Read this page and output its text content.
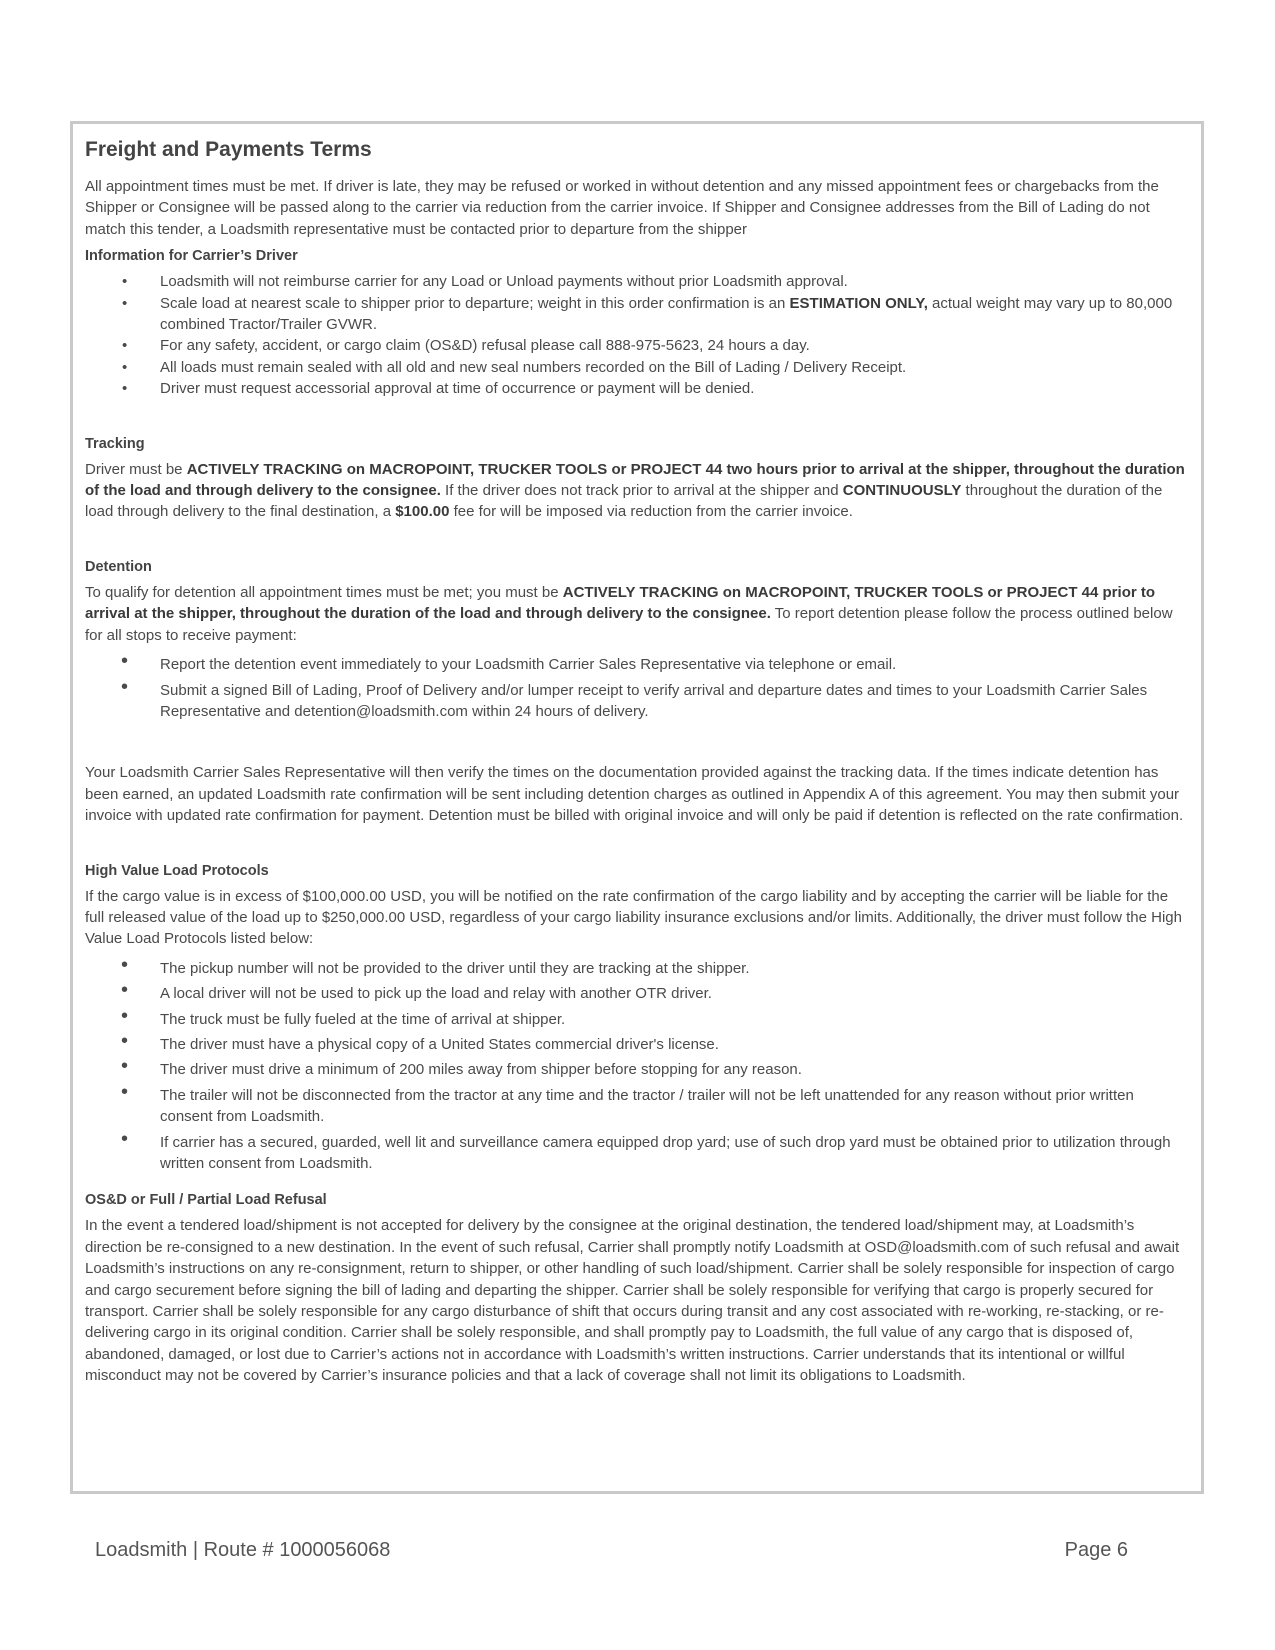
Freight and Payments Terms

All appointment times must be met. If driver is late, they may be refused or worked in without detention and any missed appointment fees or chargebacks from the Shipper or Consignee will be passed along to the carrier via reduction from the carrier invoice. If Shipper and Consignee addresses from the Bill of Lading do not match this tender, a Loadsmith representative must be contacted prior to departure from the shipper

Information for Carrier’s Driver
• Loadsmith will not reimburse carrier for any Load or Unload payments without prior Loadsmith approval.
• Scale load at nearest scale to shipper prior to departure; weight in this order confirmation is an ESTIMATION ONLY, actual weight may vary up to 80,000 combined Tractor/Trailer GVWR.
• For any safety, accident, or cargo claim (OS&D) refusal please call 888-975-5623, 24 hours a day.
• All loads must remain sealed with all old and new seal numbers recorded on the Bill of Lading / Delivery Receipt.
• Driver must request accessorial approval at time of occurrence or payment will be denied.
Tracking

Driver must be ACTIVELY TRACKING on MACROPOINT, TRUCKER TOOLS or PROJECT 44 two hours prior to arrival at the shipper, throughout the duration of the load and through delivery to the consignee. If the driver does not track prior to arrival at the shipper and CONTINUOUSLY throughout the duration of the load through delivery to the final destination, a $100.00 fee for will be imposed via reduction from the carrier invoice.

Detention

To qualify for detention all appointment times must be met; you must be ACTIVELY TRACKING on MACROPOINT, TRUCKER TOOLS or PROJECT 44 prior to arrival at the shipper, throughout the duration of the load and through delivery to the consignee. To report detention please follow the process outlined below for all stops to receive payment:

• Report the detention event immediately to your Loadsmith Carrier Sales Representative via telephone or email.
• Submit a signed Bill of Lading, Proof of Delivery and/or lumper receipt to verify arrival and departure dates and times to your Loadsmith Carrier Sales Representative and detention@loadsmith.com within 24 hours of delivery.

Your Loadsmith Carrier Sales Representative will then verify the times on the documentation provided against the tracking data. If the times indicate detention has been earned, an updated Loadsmith rate confirmation will be sent including detention charges as outlined in Appendix A of this agreement. You may then submit your invoice with updated rate confirmation for payment. Detention must be billed with original invoice and will only be paid if detention is reflected on the rate confirmation.

High Value Load Protocols

If the cargo value is in excess of $100,000.00 USD, you will be notified on the rate confirmation of the cargo liability and by accepting the carrier will be liable for the full released value of the load up to $250,000.00 USD, regardless of your cargo liability insurance exclusions and/or limits. Additionally, the driver must follow the High Value Load Protocols listed below:

• The pickup number will not be provided to the driver until they are tracking at the shipper.
• A local driver will not be used to pick up the load and relay with another OTR driver.
• The truck must be fully fueled at the time of arrival at shipper.
• The driver must have a physical copy of a United States commercial driver's license.
• The driver must drive a minimum of 200 miles away from shipper before stopping for any reason.
• The trailer will not be disconnected from the tractor at any time and the tractor / trailer will not be left unattended for any reason without prior written consent from Loadsmith.
• If carrier has a secured, guarded, well lit and surveillance camera equipped drop yard; use of such drop yard must be obtained prior to utilization through written consent from Loadsmith.
OS&D or Full / Partial Load Refusal

In the event a tendered load/shipment is not accepted for delivery by the consignee at the original destination, the tendered load/shipment may, at Loadsmith’s direction be re-consigned to a new destination. In the event of such refusal, Carrier shall promptly notify Loadsmith at OSD@loadsmith.com of such refusal and await Loadsmith’s instructions on any re-consignment, return to shipper, or other handling of such load/shipment. Carrier shall be solely responsible for inspection of cargo and cargo securement before signing the bill of lading and departing the shipper. Carrier shall be solely responsible for verifying that cargo is properly secured for transport. Carrier shall be solely responsible for any cargo disturbance of shift that occurs during transit and any cost associated with re-working, re-stacking, or re-delivering cargo in its original condition. Carrier shall be solely responsible, and shall promptly pay to Loadsmith, the full value of any cargo that is disposed of, abandoned, damaged, or lost due to Carrier’s actions not in accordance with Loadsmith’s written instructions. Carrier understands that its intentional or willful misconduct may not be covered by Carrier’s insurance policies and that a lack of coverage shall not limit its obligations to Loadsmith.

Loadsmith | Route # 1000056068	Page 6
